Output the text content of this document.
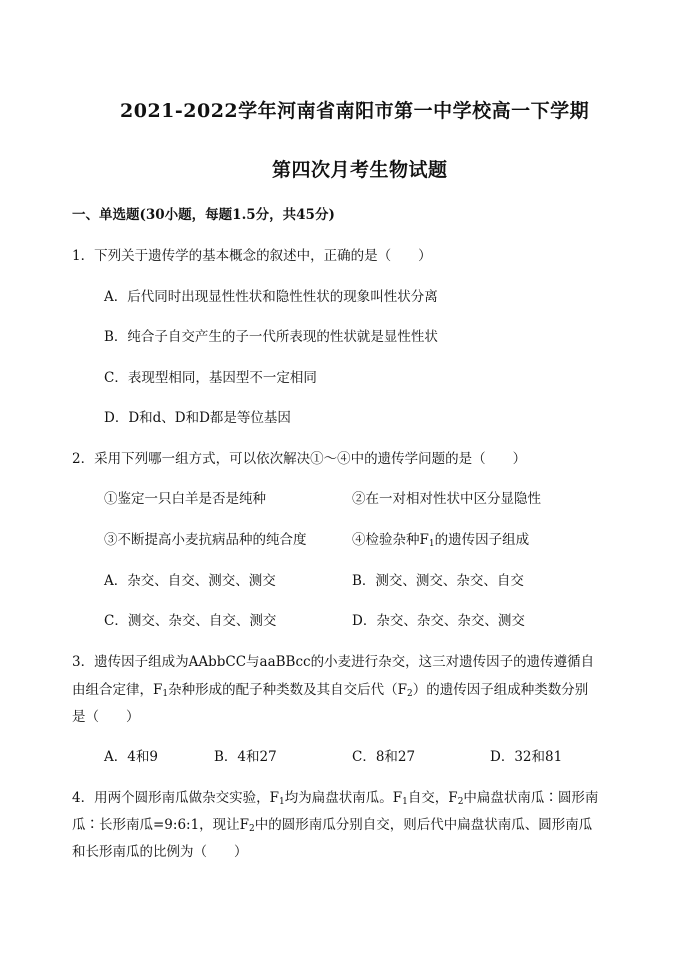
2021-2022学年河南省南阳市第一中学校高一下学期
第四次月考生物试题
一、单选题(30小题，每题1.5分，共45分)
1．下列关于遗传学的基本概念的叙述中，正确的是（　　）
A．后代同时出现显性性状和隐性性状的现象叫性状分离
B．纯合子自交产生的子一代所表现的性状就是显性性状
C．表现型相同，基因型不一定相同
D．D和d、D和D都是等位基因
2．采用下列哪一组方式，可以依次解决①～④中的遗传学问题的是（　　）
①鉴定一只白羊是否是纯种	②在一对相对性状中区分显隐性
③不断提高小麦抗病品种的纯合度	④检验杂种$F_1$的遗传因子组成
A．杂交、自交、测交、测交	B．测交、测交、杂交、自交
C．测交、杂交、自交、测交	D．杂交、杂交、杂交、测交
3．遗传因子组成为AAbbCC与aaBBcc的小麦进行杂交，这三对遗传因子的遗传遵循自
由组合定律，$F_1$杂种形成的配子种类数及其自交后代$(F_2)$的遗传因子组成种类数分别
是（　　）
A．4和9	B．4和27	C．8和27	D．32和81
4．用两个圆形南瓜做杂交实验，$F_1$均为扁盘状南瓜。$F_1$自交，$F_2$中扁盘状南瓜∶圆形南
瓜∶长形南瓜=9:6:1，现让$F_2$中的圆形南瓜分别自交，则后代中扁盘状南瓜、圆形南瓜
和长形南瓜的比例为（　　）
